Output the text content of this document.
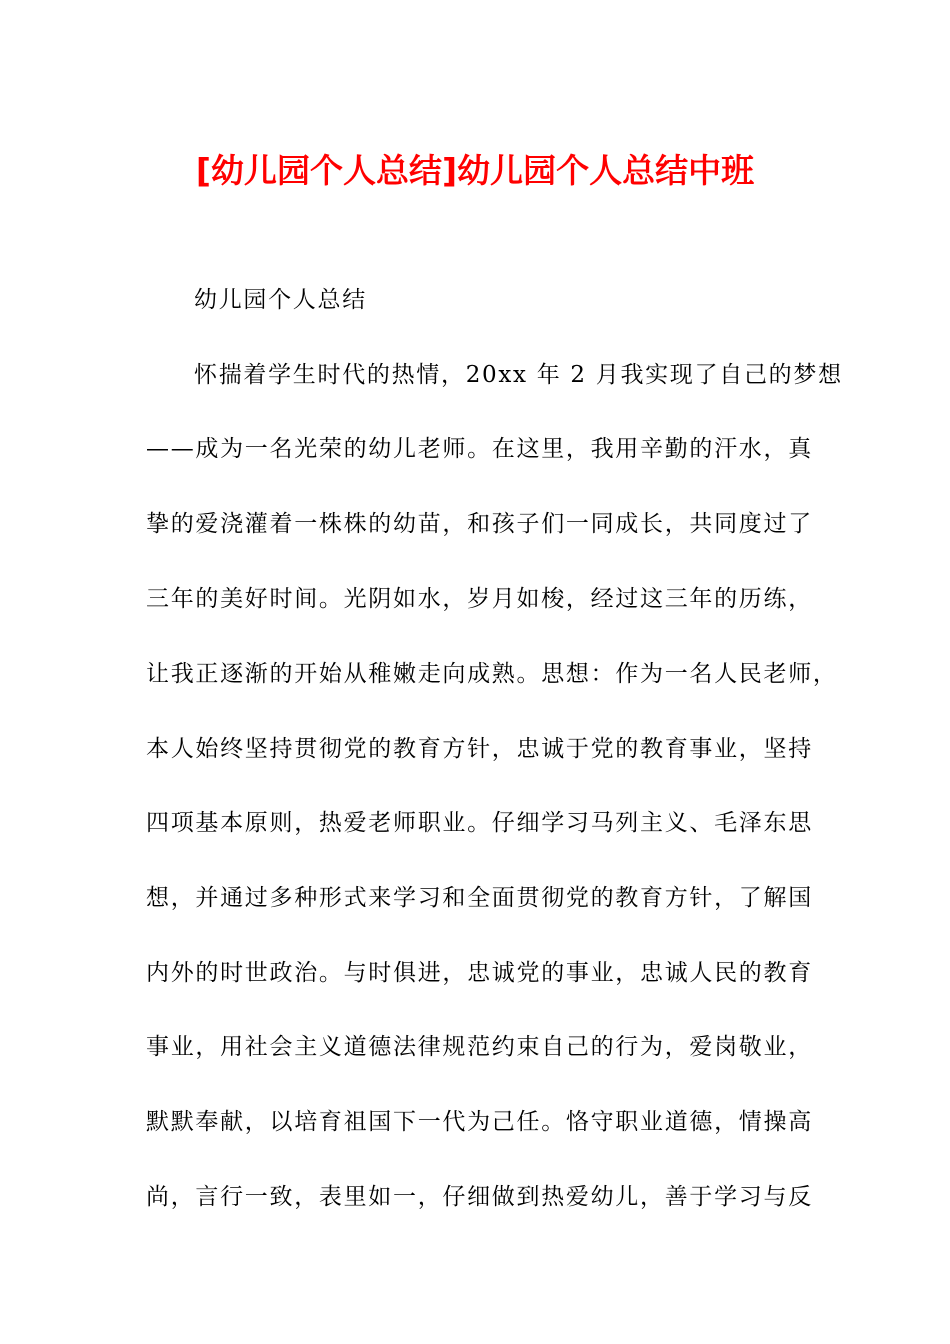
[幼儿园个人总结]幼儿园个人总结中班
幼儿园个人总结
怀揣着学生时代的热情，20xx 年 2 月我实现了自己的梦想
——成为一名光荣的幼儿老师。在这里，我用辛勤的汗水，真
挚的爱浇灌着一株株的幼苗，和孩子们一同成长，共同度过了
三年的美好时间。光阴如水，岁月如梭，经过这三年的历练，
让我正逐渐的开始从稚嫩走向成熟。思想：作为一名人民老师，
本人始终坚持贯彻党的教育方针，忠诚于党的教育事业，坚持
四项基本原则，热爱老师职业。仔细学习马列主义、毛泽东思
想，并通过多种形式来学习和全面贯彻党的教育方针，了解国
内外的时世政治。与时俱进，忠诚党的事业，忠诚人民的教育
事业，用社会主义道德法律规范约束自己的行为，爱岗敬业，
默默奉献，以培育祖国下一代为己任。恪守职业道德，情操高
尚，言行一致，表里如一，仔细做到热爱幼儿，善于学习与反
